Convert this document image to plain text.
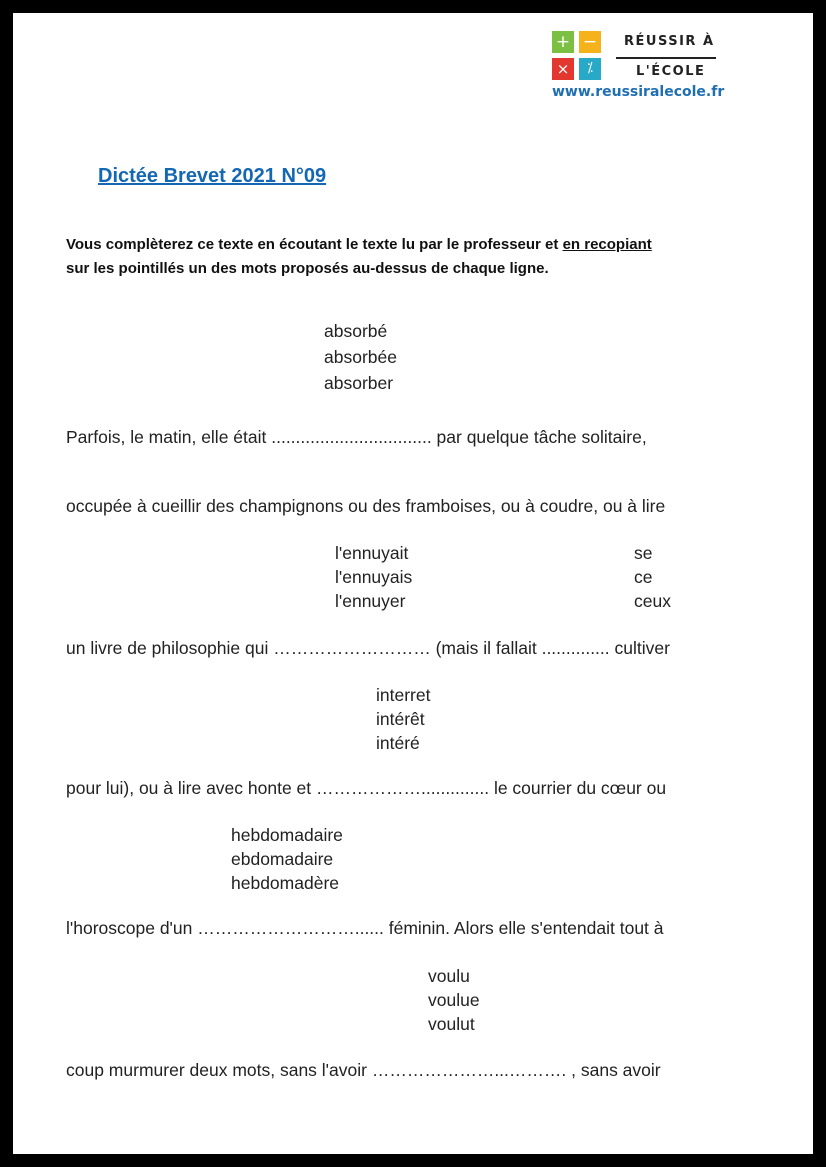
+ −
×	⁒
RÉUSSIR À
L'ÉCOLE
www.reussiralecole.fr
Dictée Brevet 2021 N°09
Vous complèterez ce texte en écoutant le texte lu par le professeur et en recopiant
sur les pointillés un des mots proposés au-dessus de chaque ligne.
absorbé
absorbée
absorber
Parfois, le matin, elle était ................................. par quelque tâche solitaire,
occupée à cueillir des champignons ou des framboises, ou à coudre, ou à lire
l'ennuyait
l'ennuyais
l'ennuyer
se
ce
ceux
un livre de philosophie qui ……………………… (mais il fallait .............. cultiver
interret
intérêt
intéré
pour lui), ou à lire avec honte et ……………….............. le courrier du cœur ou
hebdomadaire
ebdomadaire
hebdomadère
l'horoscope d'un ………………………...... féminin. Alors elle s'entendait tout à
voulu
voulue
voulut
coup murmurer deux mots, sans l'avoir …………………...………. , sans avoir
